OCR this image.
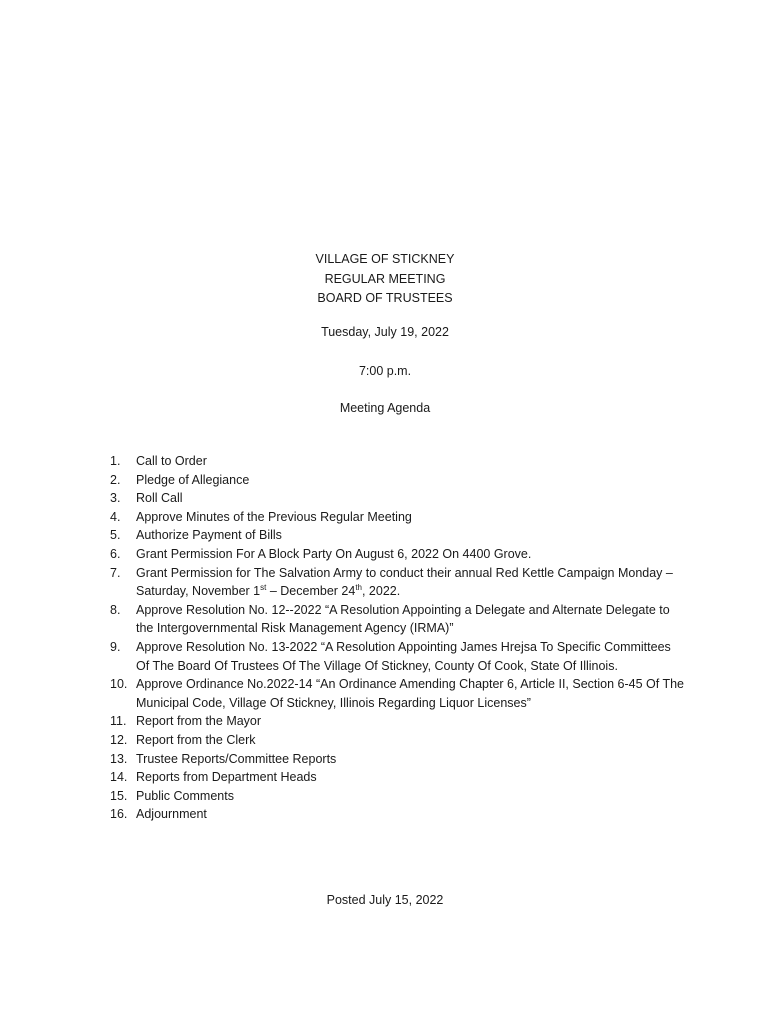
VILLAGE OF STICKNEY
REGULAR MEETING
BOARD OF TRUSTEES
Tuesday, July 19, 2022
7:00 p.m.
Meeting Agenda
1. Call to Order
2. Pledge of Allegiance
3. Roll Call
4. Approve Minutes of the Previous Regular Meeting
5. Authorize Payment of Bills
6. Grant Permission For A Block Party On August 6, 2022 On 4400 Grove.
7. Grant Permission for The Salvation Army to conduct their annual Red Kettle Campaign Monday – Saturday, November 1st – December 24th, 2022.
8. Approve Resolution No. 12--2022 “A Resolution Appointing a Delegate and Alternate Delegate to the Intergovernmental Risk Management Agency (IRMA)”
9. Approve Resolution No. 13-2022 “A Resolution Appointing James Hrejsa To Specific Committees Of The Board Of Trustees Of The Village Of Stickney, County Of Cook, State Of Illinois.
10. Approve Ordinance No.2022-14 “An Ordinance Amending Chapter 6, Article II, Section 6-45 Of The Municipal Code, Village Of Stickney, Illinois Regarding Liquor Licenses”
11. Report from the Mayor
12. Report from the Clerk
13. Trustee Reports/Committee Reports
14. Reports from Department Heads
15. Public Comments
16. Adjournment
Posted July 15, 2022
